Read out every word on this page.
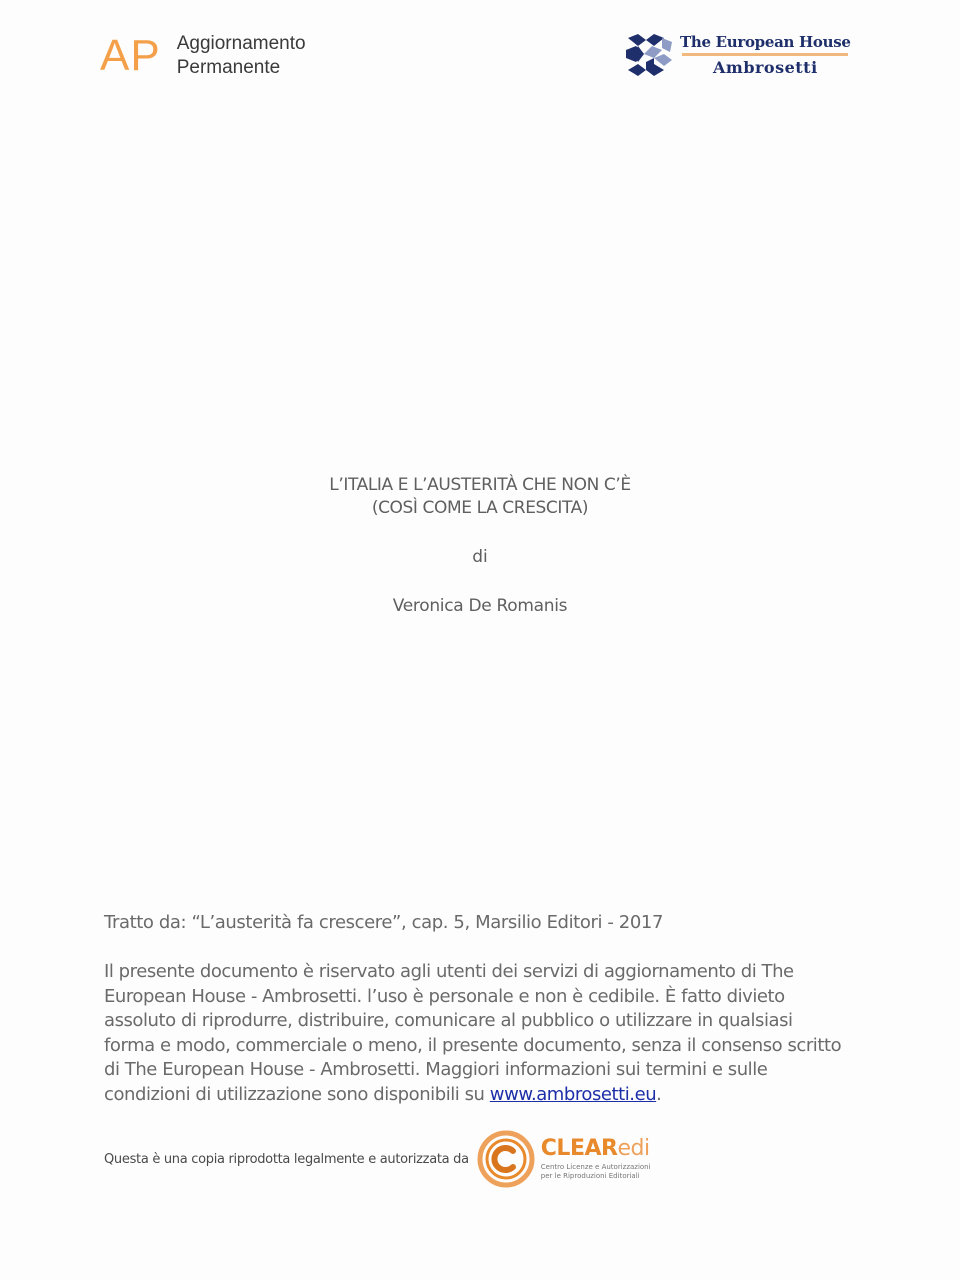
AP Aggiornamento
Permanente
The European House
Ambrosetti
L’ITALIA E L’AUSTERITÀ CHE NON C’È
(COSÌ COME LA CRESCITA)
di
Veronica De Romanis
Tratto da: “L’austerità fa crescere”, cap. 5, Marsilio Editori - 2017
Il presente documento è riservato agli utenti dei servizi di aggiornamento di The European House - Ambrosetti. l’uso è personale e non è cedibile. È fatto divieto assoluto di riprodurre, distribuire, comunicare al pubblico o utilizzare in qualsiasi forma e modo, commerciale o meno, il presente documento, senza il consenso scritto di The European House - Ambrosetti. Maggiori informazioni sui termini e sulle condizioni di utilizzazione sono disponibili su www.ambrosetti.eu.
Questa è una copia riprodotta legalmente e autorizzata da	CLEARedi
Centro Licenze e Autorizzazioni
per le Riproduzioni Editoriali
